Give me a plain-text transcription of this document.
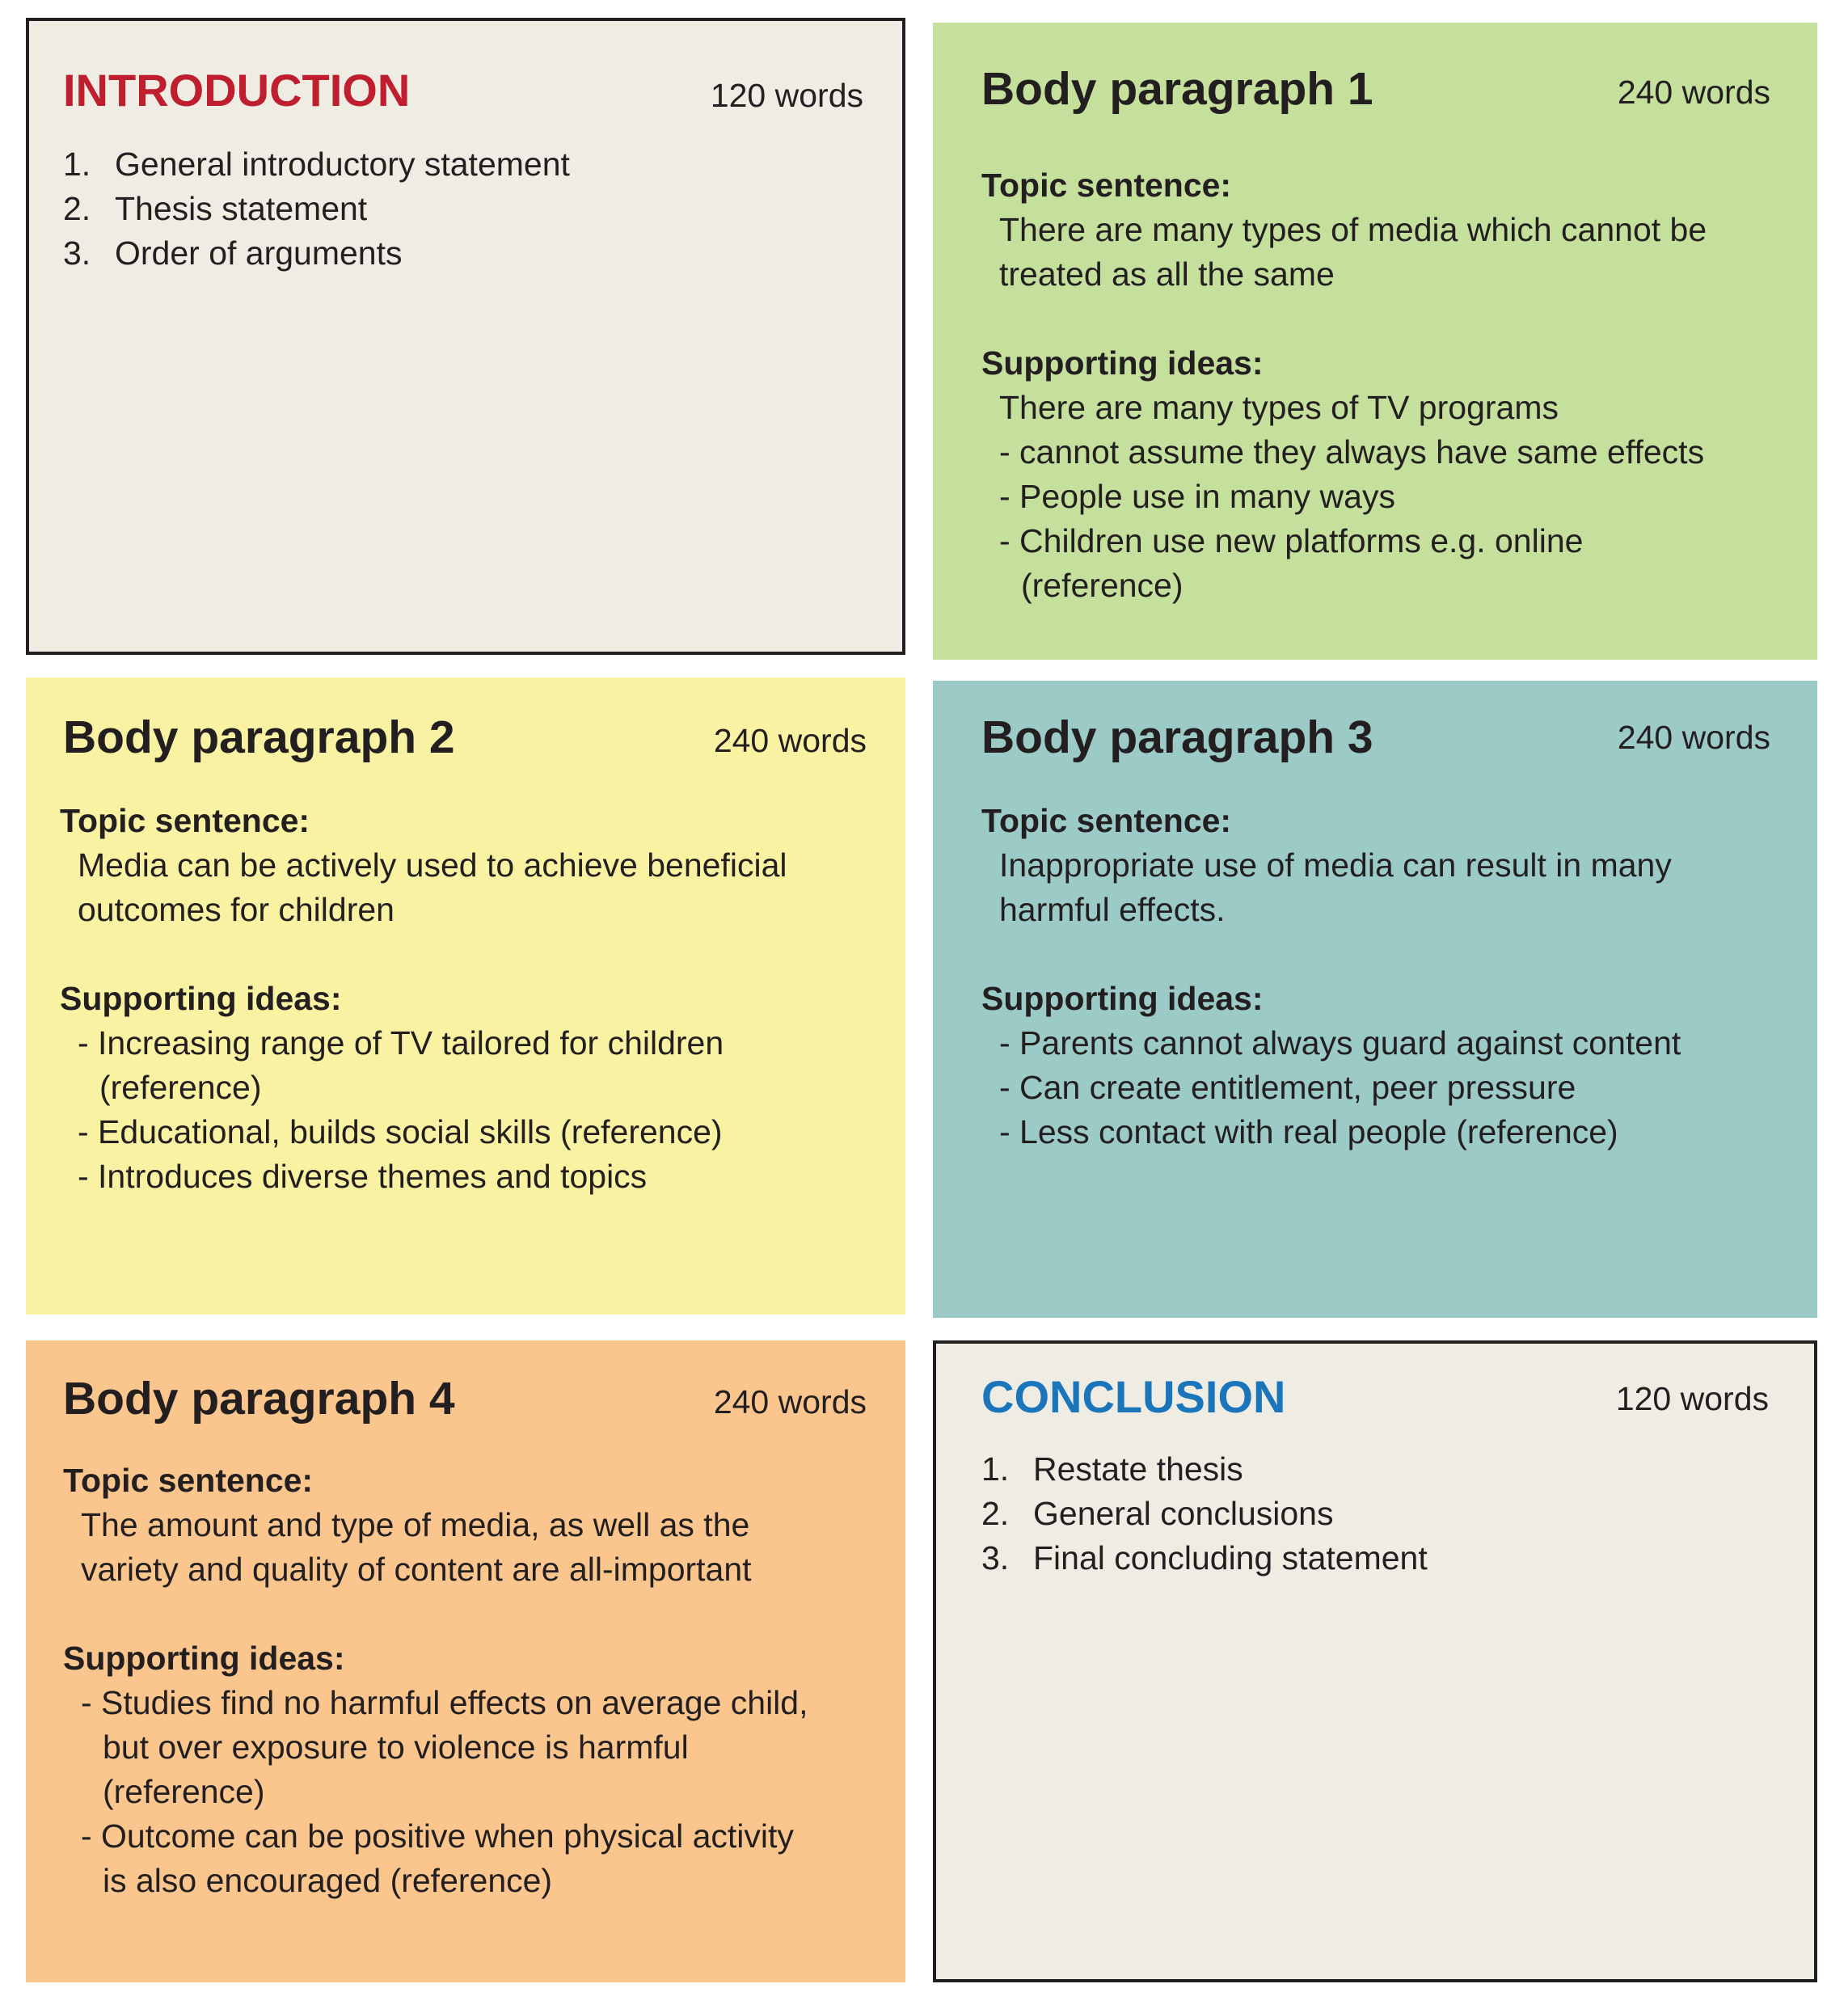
INTRODUCTION	120 words
1. General introductory statement
2. Thesis statement
3. Order of arguments
Body paragraph 1	240 words
Topic sentence:
There are many types of media which cannot be
treated as all the same
Supporting ideas:
There are many types of TV programs
- cannot assume they always have same effects
- People use in many ways
- Children use new platforms e.g. online
(reference)
Body paragraph 2	240 words
Topic sentence:
Media can be actively used to achieve beneficial
outcomes for children
Supporting ideas:
- Increasing range of TV tailored for children
(reference)
- Educational, builds social skills (reference)
- Introduces diverse themes and topics
Body paragraph 3	240 words
Topic sentence:
Inappropriate use of media can result in many
harmful effects.
Supporting ideas:
- Parents cannot always guard against content
- Can create entitlement, peer pressure
- Less contact with real people (reference)
Body paragraph 4	240 words
Topic sentence:
The amount and type of media, as well as the
variety and quality of content are all-important
Supporting ideas:
- Studies find no harmful effects on average child,
but over exposure to violence is harmful
(reference)
- Outcome can be positive when physical activity
is also encouraged (reference)
CONCLUSION	120 words
1. Restate thesis
2. General conclusions
3. Final concluding statement
